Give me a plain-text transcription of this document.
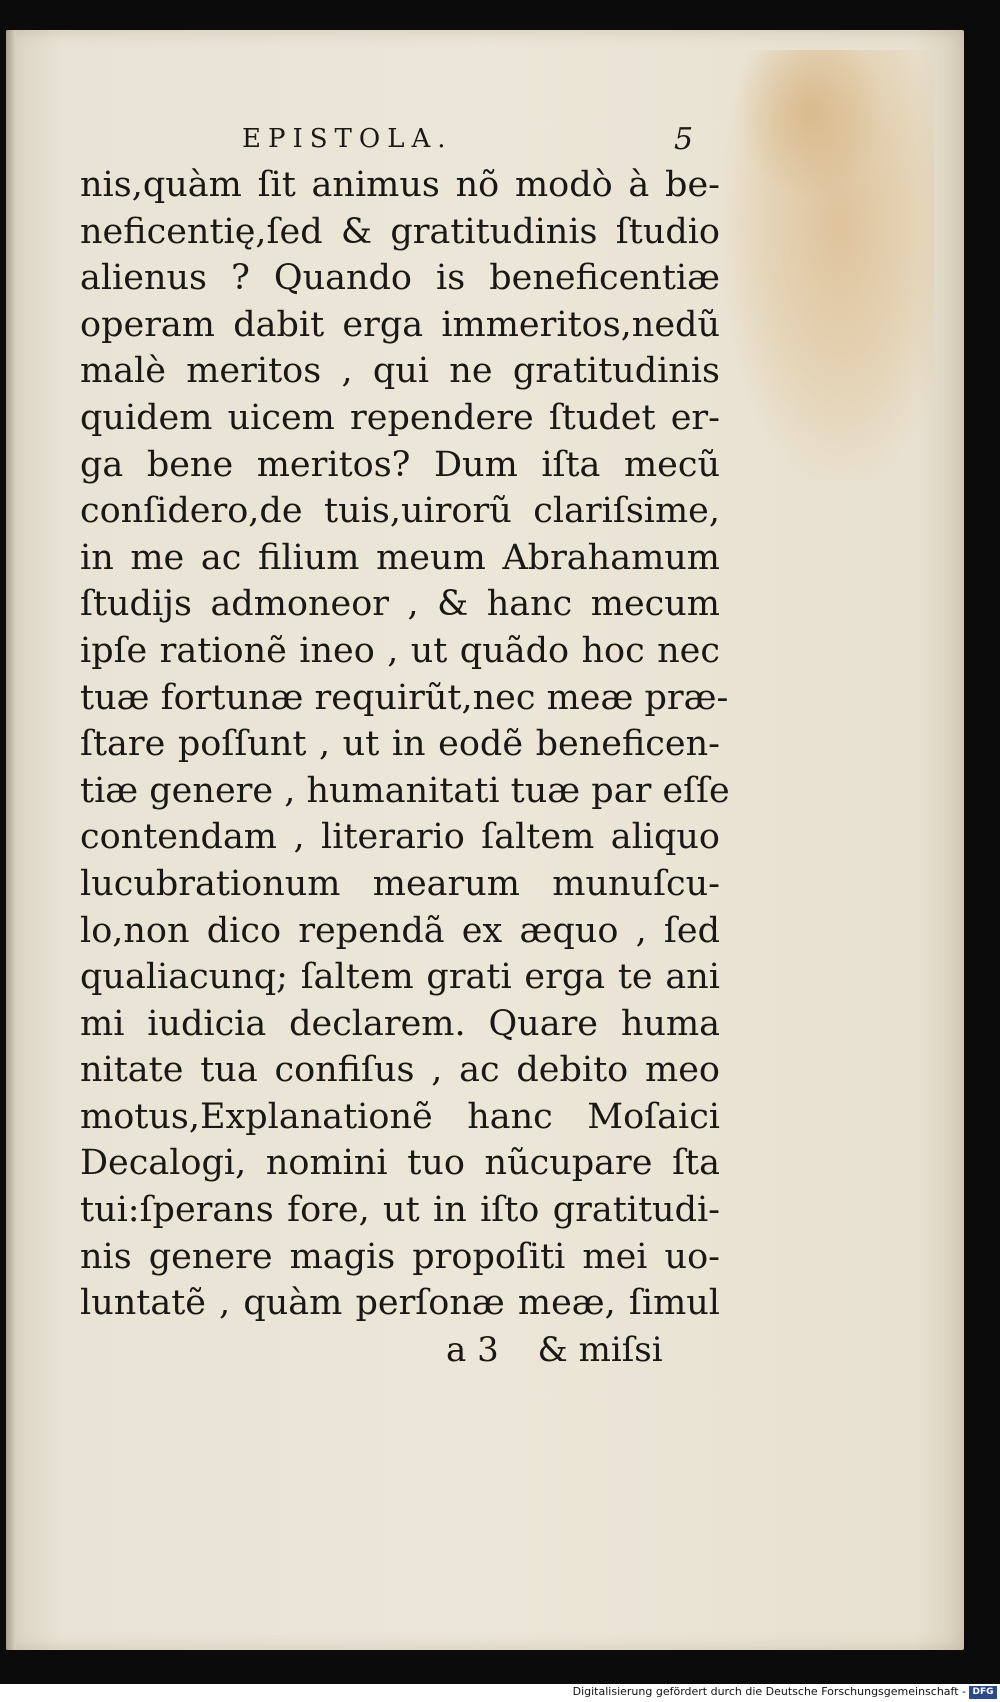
EPISTOLA.	5
nis,quàm ſit animus nõ modò à be-
neficentię,ſed & gratitudinis ſtudio
alienus ? Quando is beneficentiæ
operam dabit erga immeritos,nedũ
malè meritos , qui ne gratitudinis
quidem uicem rependere ſtudet er-
ga bene meritos? Dum iſta mecũ
conſidero,de tuis,uirorũ clariſsime,
in me ac filium meum Abrahamum
ſtudijs admoneor , & hanc mecum
ipſe rationẽ ineo , ut quãdo hoc nec
tuæ fortunæ requirũt,nec meæ præ-
ſtare poſſunt , ut in eodẽ beneficen-
tiæ genere , humanitati tuæ par eſſe
contendam , literario ſaltem aliquo
lucubrationum mearum munuſcu-
lo,non dico rependã ex æquo , ſed
qualiacunq; ſaltem grati erga te ani
mi iudicia declarem. Quare huma
nitate tua confiſus , ac debito meo
motus,Explanationẽ hanc Moſaici
Decalogi, nomini tuo nũcupare ſta
tui:ſperans fore, ut in iſto gratitudi-
nis genere magis propoſiti mei uo-
luntatẽ , quàm perſonæ meæ, ſimul
a 3 & miſsi
Digitalisierung gefördert durch die Deutsche Forschungsgemeinschaft - DFG
